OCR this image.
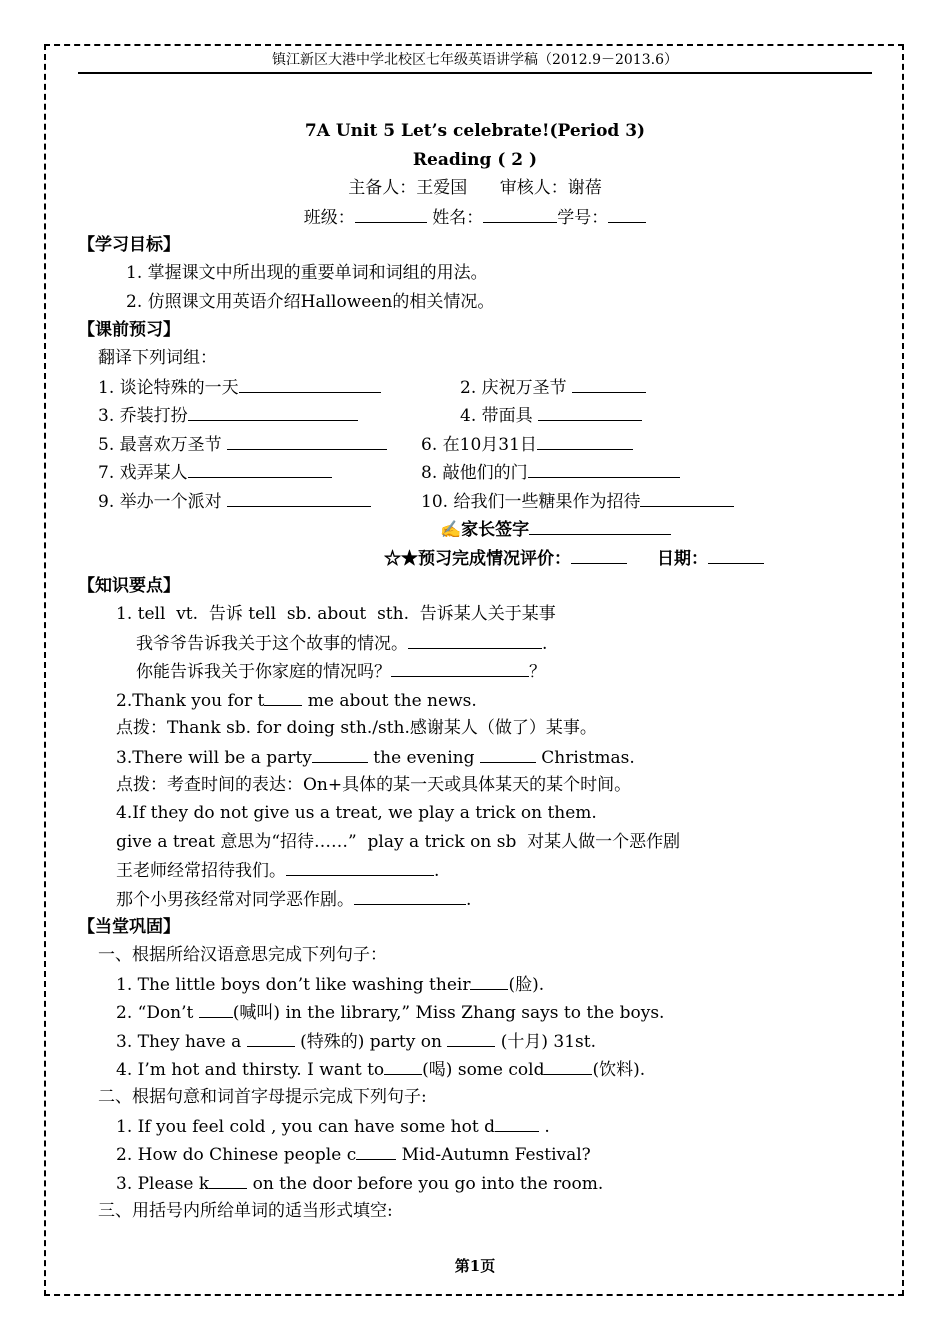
镇江新区大港中学北校区七年级英语讲学稿（2012.9－2013.6）
7A Unit 5 Let’s celebrate!(Period 3)
Reading ( 2 )
主备人：王爱国      审核人：谢蓓
班级：	姓名：	学号：
【学习目标】
1. 掌握课文中所出现的重要单词和词组的用法。
2. 仿照课文用英语介绍Halloween的相关情况。
【课前预习】
翻译下列词组：
1. 谈论特殊的一天	2. 庆祝万圣节
3. 乔装打扮	4. 带面具
5. 最喜欢万圣节	6. 在10月31日
7. 戏弄某人	8. 敲他们的门
9. 举办一个派对	10. 给我们一些糖果作为招待
✍家长签字
☆★预习完成情况评价：	日期：
【知识要点】
1. tell  vt.  告诉 tell  sb. about  sth.  告诉某人关于某事
我爷爷告诉我关于这个故事的情况。	.
你能告诉我关于你家庭的情况吗？	？
2.Thank you for t me about the news.
点拨：Thank sb. for doing sth./sth.感谢某人（做了）某事。
3.There will be a party	the evening	Christmas.
点拨：考查时间的表达：On+具体的某一天或具体某天的某个时间。
4.If they do not give us a treat, we play a trick on them.
give a treat 意思为“招待……”  play a trick on sb  对某人做一个恶作剧
王老师经常招待我们。	.
那个小男孩经常对同学恶作剧。	.
【当堂巩固】
一、根据所给汉语意思完成下列句子：
1. The little boys don’t like washing their (脸).
2. “Don’t (喊叫) in the library,” Miss Zhang says to the boys.
3. They have a	(特殊的) party on	(十月) 31st.
4. I’m hot and thirsty. I want to (喝) some cold	(饮料).
二、根据句意和词首字母提示完成下列句子:
1. If you feel cold , you can have some hot d	.
2. How do Chinese people c Mid-Autumn Festival?
3. Please k on the door before you go into the room.
三、用括号内所给单词的适当形式填空:
第1页
